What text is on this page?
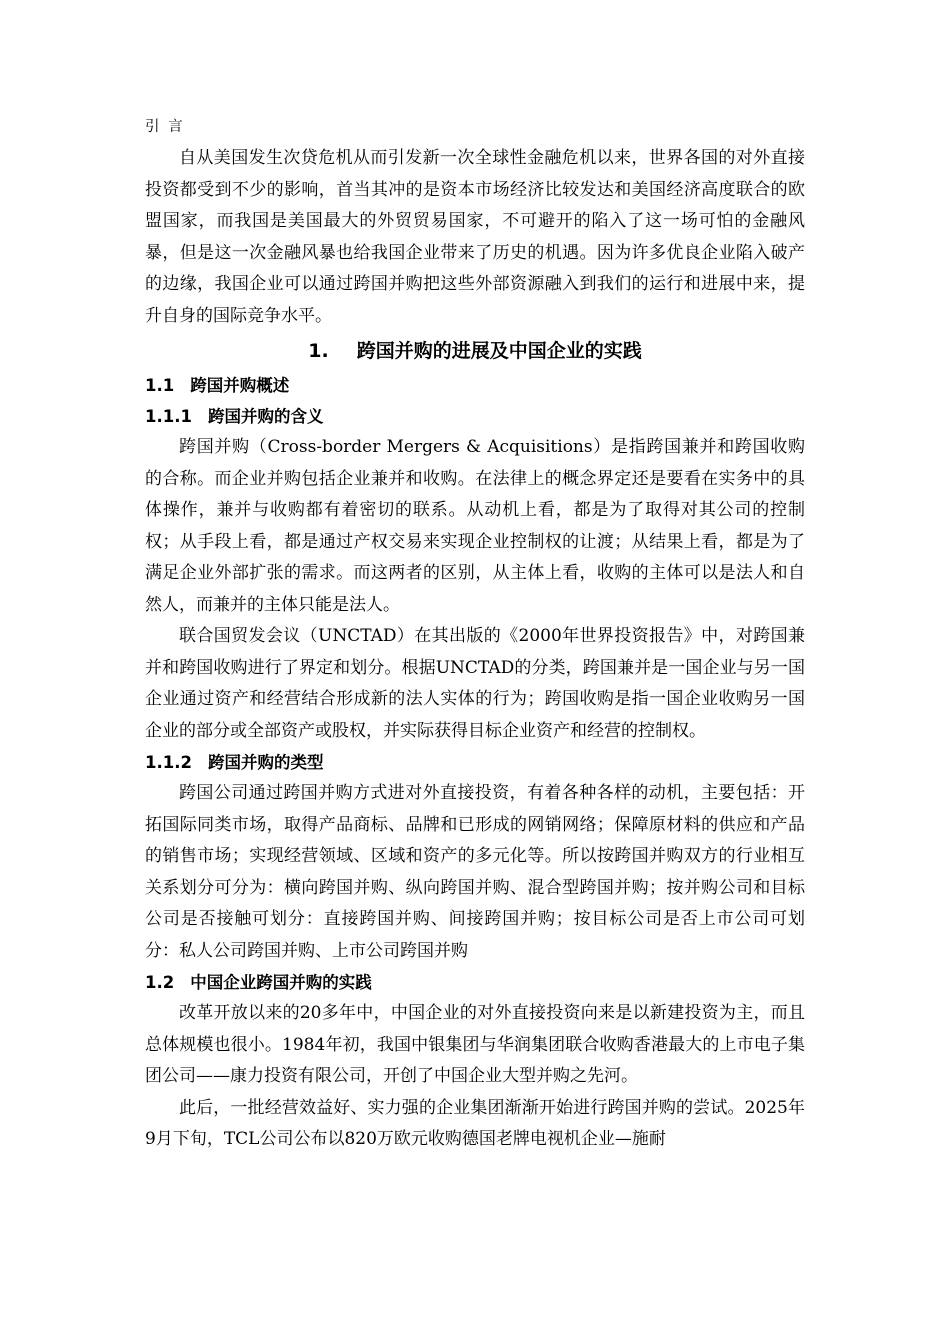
引 言

自从美国发生次贷危机从而引发新一次全球性金融危机以来，世界各国的对外直接投资都受到不少的影响，首当其冲的是资本市场经济比较发达和美国经济高度联合的欧盟国家，而我国是美国最大的外贸贸易国家，不可避开的陷入了这一场可怕的金融风暴，但是这一次金融风暴也给我国企业带来了历史的机遇。因为许多优良企业陷入破产的边缘，我国企业可以通过跨国并购把这些外部资源融入到我们的运行和进展中来，提升自身的国际竞争水平。

1. 跨国并购的进展及中国企业的实践
1.1 跨国并购概述
1.1.1 跨国并购的含义

跨国并购（Cross-border Mergers & Acquisitions）是指跨国兼并和跨国收购的合称。而企业并购包括企业兼并和收购。在法律上的概念界定还是要看在实务中的具体操作，兼并与收购都有着密切的联系。从动机上看，都是为了取得对其公司的控制权；从手段上看，都是通过产权交易来实现企业控制权的让渡；从结果上看，都是为了满足企业外部扩张的需求。而这两者的区别，从主体上看，收购的主体可以是法人和自然人，而兼并的主体只能是法人。

联合国贸发会议（UNCTAD）在其出版的《2000年世界投资报告》中，对跨国兼并和跨国收购进行了界定和划分。根据UNCTAD的分类，跨国兼并是一国企业与另一国企业通过资产和经营结合形成新的法人实体的行为；跨国收购是指一国企业收购另一国企业的部分或全部资产或股权，并实际获得目标企业资产和经营的控制权。

1.1.2 跨国并购的类型

跨国公司通过跨国并购方式进对外直接投资，有着各种各样的动机，主要包括：开拓国际同类市场，取得产品商标、品牌和已形成的网销网络；保障原材料的供应和产品的销售市场；实现经营领域、区域和资产的多元化等。所以按跨国并购双方的行业相互关系划分可分为：横向跨国并购、纵向跨国并购、混合型跨国并购；按并购公司和目标公司是否接触可划分：直接跨国并购、间接跨国并购；按目标公司是否上市公司可划分：私人公司跨国并购、上市公司跨国并购

1.2 中国企业跨国并购的实践

改革开放以来的20多年中，中国企业的对外直接投资向来是以新建投资为主，而且总体规模也很小。1984年初，我国中银集团与华润集团联合收购香港最大的上市电子集团公司——康力投资有限公司，开创了中国企业大型并购之先河。

此后，一批经营效益好、实力强的企业集团渐渐开始进行跨国并购的尝试。2025年9月下旬，TCL公司公布以820万欧元收购德国老牌电视机企业—施耐
